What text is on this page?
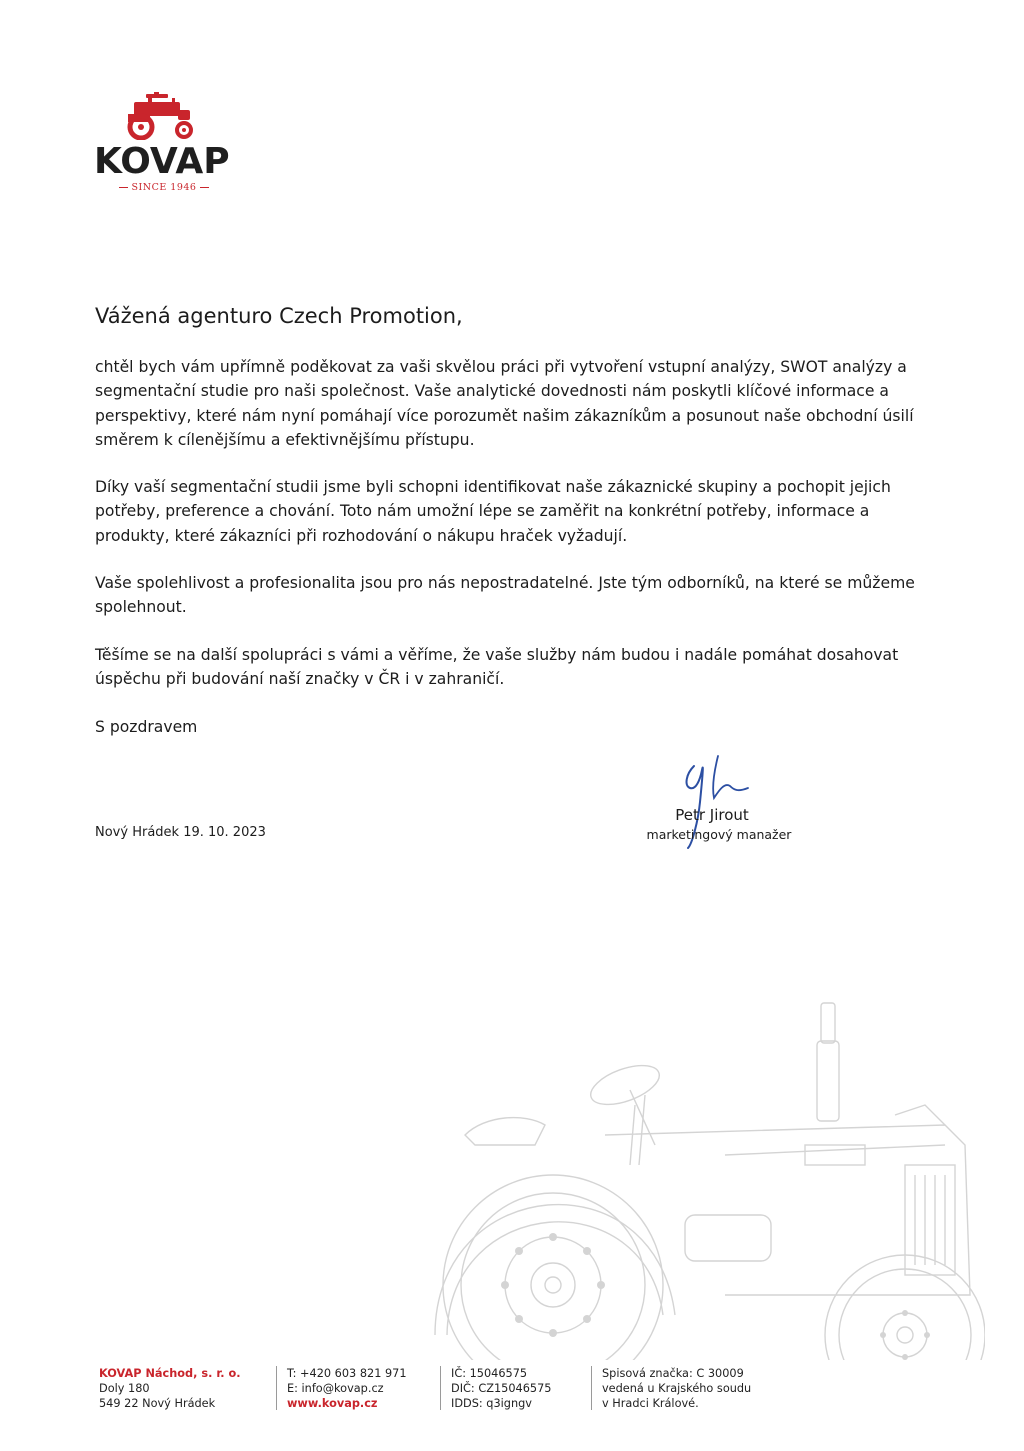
KOVAP
SINCE 1946
Vážená agenturo Czech Promotion,

chtěl bych vám upřímně poděkovat za vaši skvělou práci při vytvoření vstupní analýzy, SWOT analýzy a segmentační studie pro naši společnost. Vaše analytické dovednosti nám poskytli klíčové informace a perspektivy, které nám nyní pomáhají více porozumět našim zákazníkům a posunout naše obchodní úsilí směrem k cílenějšímu a efektivnějšímu přístupu.

Díky vaší segmentační studii jsme byli schopni identifikovat naše zákaznické skupiny a pochopit jejich potřeby, preference a chování. Toto nám umožní lépe se zaměřit na konkrétní potřeby, informace a produkty, které zákazníci při rozhodování o nákupu hraček vyžadují.

Vaše spolehlivost a profesionalita jsou pro nás nepostradatelné. Jste tým odborníků, na které se můžeme spolehnout.

Těšíme se na další spolupráci s vámi a věříme, že vaše služby nám budou i nadále pomáhat dosahovat úspěchu při budování naší značky v ČR i v zahraničí.

S pozdravem
Nový Hrádek 19. 10. 2023
Petr Jirout
marketingový manažer
KOVAP Náchod, s. r. o.
Doly 180
549 22 Nový Hrádek
T: +420 603 821 971
E: info@kovap.cz
www.kovap.cz
IČ: 15046575
DIČ: CZ15046575
IDDS: q3igngv
Spisová značka: C 30009
vedená u Krajského soudu
v Hradci Králové.
